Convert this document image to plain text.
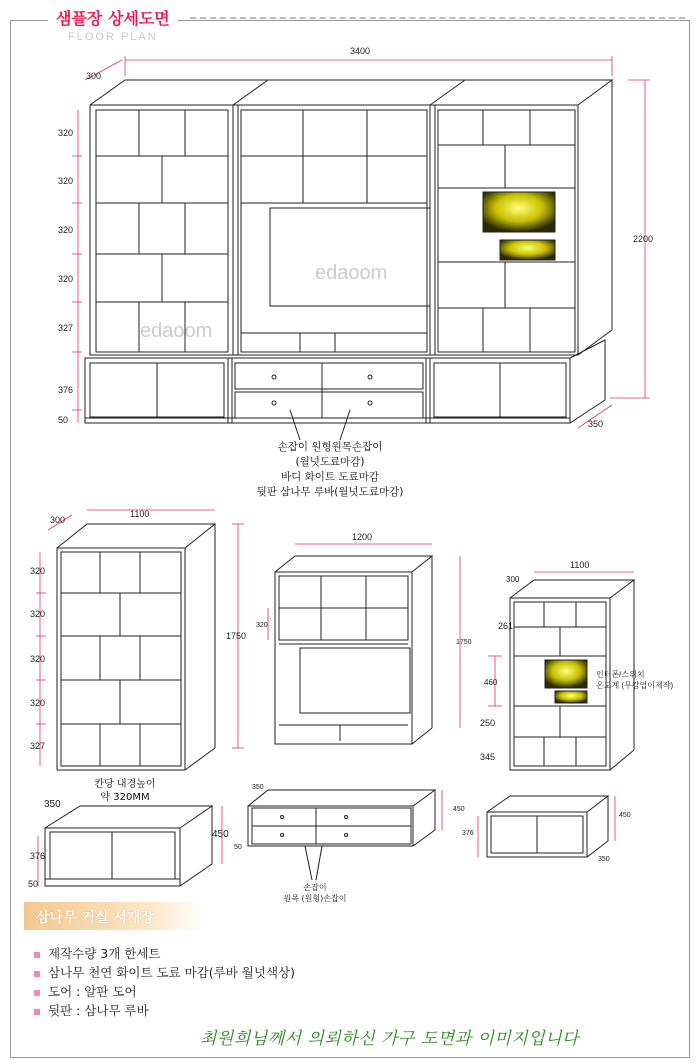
샘플장 상세도면
FLOOR PLAN
edaoom
edaoom
3400
300
2200
350
320
320
320
320
327
376
50
손잡이 원형원목손잡이
(월넛도료마감)
바디 화이트 도료마감
뒷판 삼나무 루바(월넛도료마감)
1100
300
1750
320
320
320
320
327
1200
320
1750
1100
300
261
460
250
345
인터폰/스위치
온도계 (무감업이제작)
칸당 내경높이
약 320MM
350
450
376
50
350
450
50
손잡이
원목 (원형)손잡이
450
376
350
삼나무 거실 서재장
제작수량 3개 한세트
삼나무 천연 화이트 도료 마감(루바 월넛색상)
도어 : 알판 도어
뒷판 : 삼나무 루바
최원희님께서 의뢰하신 가구 도면과 이미지입니다
